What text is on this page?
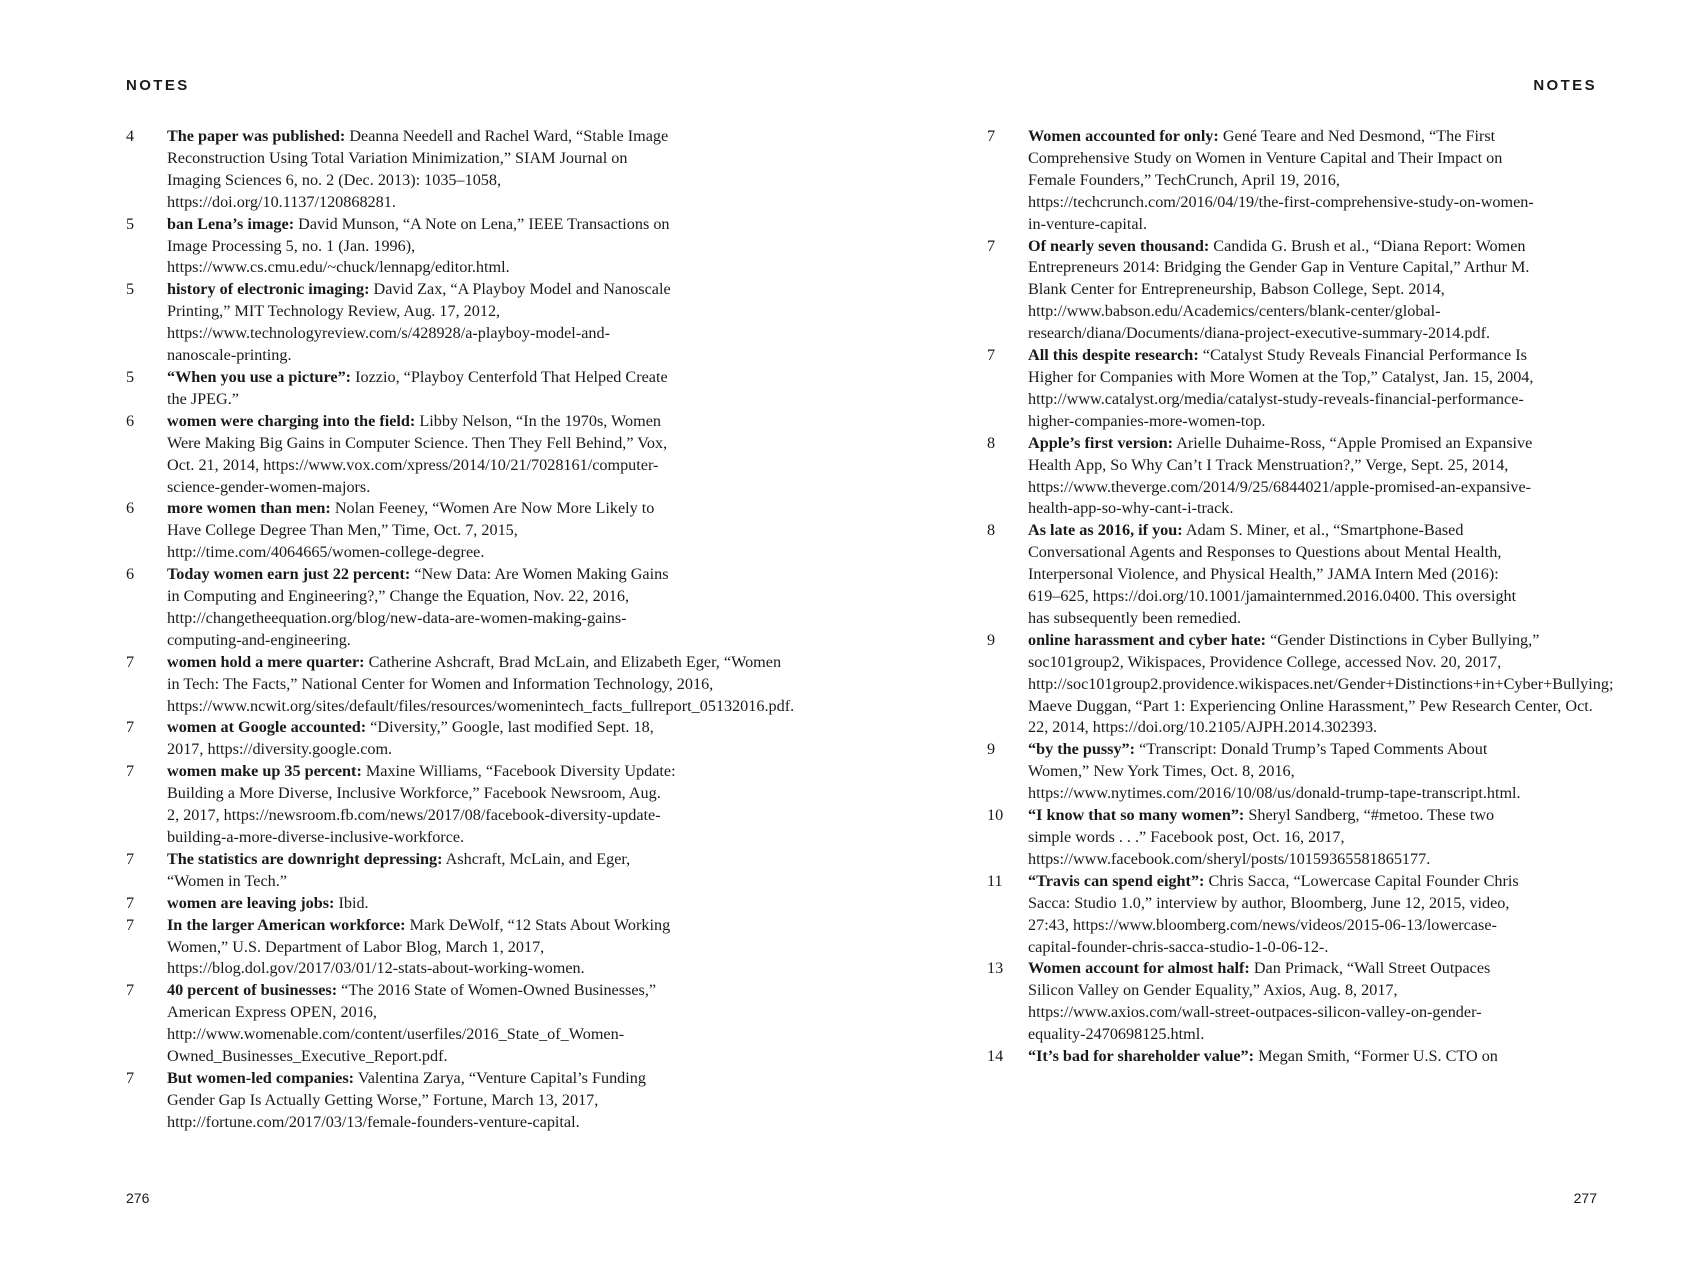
NOTES
4	The paper was published: Deanna Needell and Rachel Ward, “Stable Image Reconstruction Using Total Variation Minimization,” SIAM Journal on Imaging Sciences 6, no. 2 (Dec. 2013): 1035–1058, https://doi.org/10.1137/120868281.
5	ban Lena’s image: David Munson, “A Note on Lena,” IEEE Transactions on Image Processing 5, no. 1 (Jan. 1996), https://www.cs.cmu.edu/~chuck/lennapg/editor.html.
5	history of electronic imaging: David Zax, “A Playboy Model and Nanoscale Printing,” MIT Technology Review, Aug. 17, 2012, https://www.technologyreview.com/s/428928/a-playboy-model-and-nanoscale-printing.
5	“When you use a picture”: Iozzio, “Playboy Centerfold That Helped Create the JPEG.”
6	women were charging into the field: Libby Nelson, “In the 1970s, Women Were Making Big Gains in Computer Science. Then They Fell Behind,” Vox, Oct. 21, 2014, https://www.vox.com/xpress/2014/10/21/7028161/computer-science-gender-women-majors.
6	more women than men: Nolan Feeney, “Women Are Now More Likely to Have College Degree Than Men,” Time, Oct. 7, 2015, http://time.com/4064665/women-college-degree.
6	Today women earn just 22 percent: “New Data: Are Women Making Gains in Computing and Engineering?,” Change the Equation, Nov. 22, 2016, http://changetheequation.org/blog/new-data-are-women-making-gains-computing-and-engineering.
7	women hold a mere quarter: Catherine Ashcraft, Brad McLain, and Elizabeth Eger, “Women in Tech: The Facts,” National Center for Women and Information Technology, 2016, https://www.ncwit.org/sites/default/files/resources/womenintech_facts_fullreport_05132016.pdf.
7	women at Google accounted: “Diversity,” Google, last modified Sept. 18, 2017, https://diversity.google.com.
7	women make up 35 percent: Maxine Williams, “Facebook Diversity Update: Building a More Diverse, Inclusive Workforce,” Facebook Newsroom, Aug. 2, 2017, https://newsroom.fb.com/news/2017/08/facebook-diversity-update-building-a-more-diverse-inclusive-workforce.
7	The statistics are downright depressing: Ashcraft, McLain, and Eger, “Women in Tech.”
7	women are leaving jobs: Ibid.
7	In the larger American workforce: Mark DeWolf, “12 Stats About Working Women,” U.S. Department of Labor Blog, March 1, 2017, https://blog.dol.gov/2017/03/01/12-stats-about-working-women.
7	40 percent of businesses: “The 2016 State of Women-Owned Businesses,” American Express OPEN, 2016, http://www.womenable.com/content/userfiles/2016_State_of_Women-Owned_Businesses_Executive_Report.pdf.
7	But women-led companies: Valentina Zarya, “Venture Capital’s Funding Gender Gap Is Actually Getting Worse,” Fortune, March 13, 2017, http://fortune.com/2017/03/13/female-founders-venture-capital.
276
NOTES
7	Women accounted for only: Gené Teare and Ned Desmond, “The First Comprehensive Study on Women in Venture Capital and Their Impact on Female Founders,” TechCrunch, April 19, 2016, https://techcrunch.com/2016/04/19/the-first-comprehensive-study-on-women-in-venture-capital.
7	Of nearly seven thousand: Candida G. Brush et al., “Diana Report: Women Entrepreneurs 2014: Bridging the Gender Gap in Venture Capital,” Arthur M. Blank Center for Entrepreneurship, Babson College, Sept. 2014, http://www.babson.edu/Academics/centers/blank-center/global-research/diana/Documents/diana-project-executive-summary-2014.pdf.
7	All this despite research: “Catalyst Study Reveals Financial Performance Is Higher for Companies with More Women at the Top,” Catalyst, Jan. 15, 2004, http://www.catalyst.org/media/catalyst-study-reveals-financial-performance-higher-companies-more-women-top.
8	Apple’s first version: Arielle Duhaime-Ross, “Apple Promised an Expansive Health App, So Why Can’t I Track Menstruation?,” Verge, Sept. 25, 2014, https://www.theverge.com/2014/9/25/6844021/apple-promised-an-expansive-health-app-so-why-cant-i-track.
8	As late as 2016, if you: Adam S. Miner, et al., “Smartphone-Based Conversational Agents and Responses to Questions about Mental Health, Interpersonal Violence, and Physical Health,” JAMA Intern Med (2016): 619–625, https://doi.org/10.1001/jamainternmed.2016.0400. This oversight has subsequently been remedied.
9	online harassment and cyber hate: “Gender Distinctions in Cyber Bullying,” soc101group2, Wikispaces, Providence College, accessed Nov. 20, 2017, http://soc101group2.providence.wikispaces.net/Gender+Distinctions+in+Cyber+Bullying; Maeve Duggan, “Part 1: Experiencing Online Harassment,” Pew Research Center, Oct. 22, 2014, https://doi.org/10.2105/AJPH.2014.302393.
9	“by the pussy”: “Transcript: Donald Trump’s Taped Comments About Women,” New York Times, Oct. 8, 2016, https://www.nytimes.com/2016/10/08/us/donald-trump-tape-transcript.html.
10	“I know that so many women”: Sheryl Sandberg, “#metoo. These two simple words . . .” Facebook post, Oct. 16, 2017, https://www.facebook.com/sheryl/posts/10159365581865177.
11	“Travis can spend eight”: Chris Sacca, “Lowercase Capital Founder Chris Sacca: Studio 1.0,” interview by author, Bloomberg, June 12, 2015, video, 27:43, https://www.bloomberg.com/news/videos/2015-06-13/lowercase-capital-founder-chris-sacca-studio-1-0-06-12-.
13	Women account for almost half: Dan Primack, “Wall Street Outpaces Silicon Valley on Gender Equality,” Axios, Aug. 8, 2017, https://www.axios.com/wall-street-outpaces-silicon-valley-on-gender-equality-2470698125.html.
14	“It’s bad for shareholder value”: Megan Smith, “Former U.S. CTO on
277
